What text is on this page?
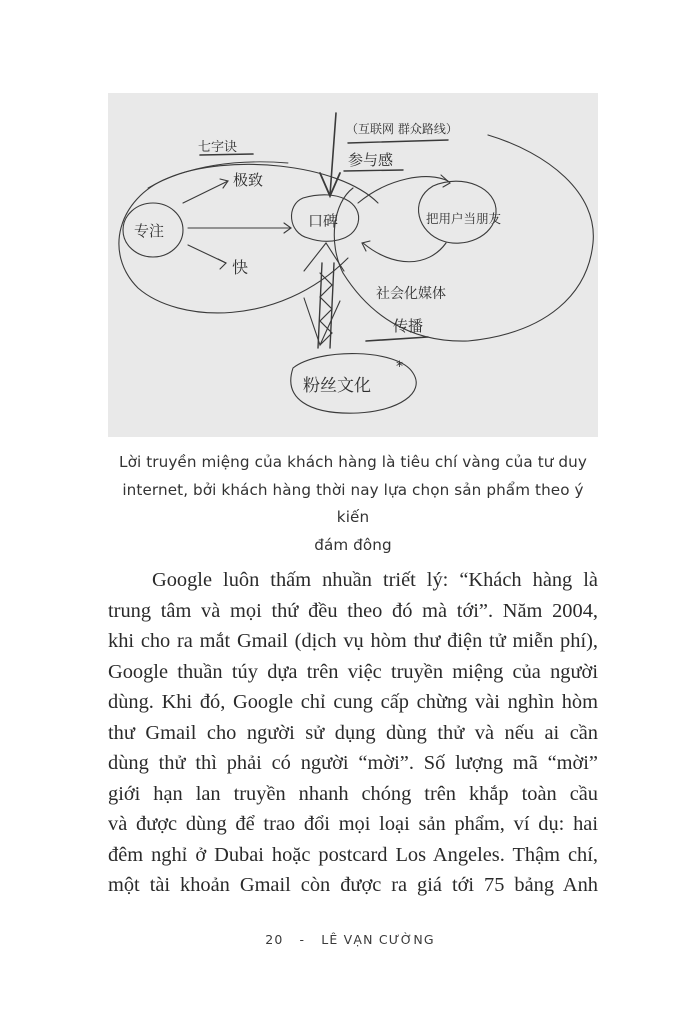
*
七字诀
（互联网 群众路线）
参与感
极致
快
专注
口碑	把用户当朋友
粉丝文化
社会化媒体
传播
Lời truyền miệng của khách hàng là tiêu chí vàng của tư duy
internet, bởi khách hàng thời nay lựa chọn sản phẩm theo ý kiến
đám đông
Google luôn thấm nhuần triết lý: “Khách hàng là
trung tâm và mọi thứ đều theo đó mà tới”. Năm 2004,
khi cho ra mắt Gmail (dịch vụ hòm thư điện tử miễn phí),
Google thuần túy dựa trên việc truyền miệng của người
dùng. Khi đó, Google chỉ cung cấp chừng vài nghìn hòm
thư Gmail cho người sử dụng dùng thử và nếu ai cần
dùng thử thì phải có người “mời”. Số lượng mã “mời”
giới hạn lan truyền nhanh chóng trên khắp toàn cầu
và được dùng để trao đổi mọi loại sản phẩm, ví dụ: hai
đêm nghỉ ở Dubai hoặc postcard Los Angeles. Thậm chí,
một tài khoản Gmail còn được ra giá tới 75 bảng Anh
20 - LÊ VẠN CƯỜNG
